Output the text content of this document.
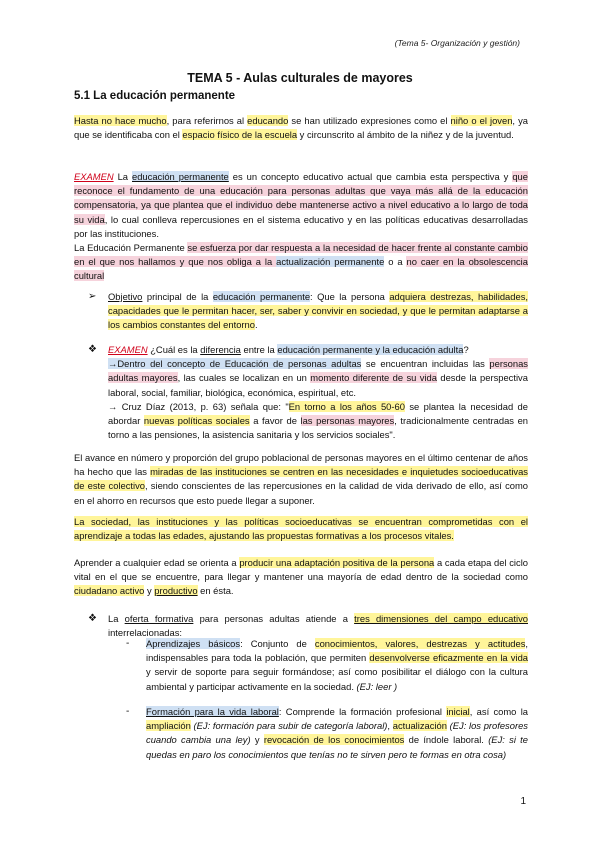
(Tema 5- Organización y gestión)
TEMA 5 - Aulas culturales de mayores
5.1 La educación permanente
Hasta no hace mucho, para referirnos al educando se han utilizado expresiones como el niño o el joven, ya que se identificaba con el espacio físico de la escuela y circunscrito al ámbito de la niñez y de la juventud.
EXAMEN La educación permanente es un concepto educativo actual que cambia esta perspectiva y que reconoce el fundamento de una educación para personas adultas que vaya más allá de la educación compensatoria, ya que plantea que el individuo debe mantenerse activo a nivel educativo a lo largo de toda su vida, lo cual conlleva repercusiones en el sistema educativo y en las políticas educativas desarrolladas por las instituciones.
La Educación Permanente se esfuerza por dar respuesta a la necesidad de hacer frente al constante cambio en el que nos hallamos y que nos obliga a la actualización permanente o a no caer en la obsolescencia cultural
➢ Objetivo principal de la educación permanente: Que la persona adquiera destrezas, habilidades, capacidades que le permitan hacer, ser, saber y convivir en sociedad, y que le permitan adaptarse a los cambios constantes del entorno.
❖ EXAMEN ¿Cuál es la diferencia entre la educación permanente y la educación adulta?
→Dentro del concepto de Educación de personas adultas se encuentran incluidas las personas adultas mayores, las cuales se localizan en un momento diferente de su vida desde la perspectiva laboral, social, familiar, biológica, económica, espiritual, etc.
→ Cruz Díaz (2013, p. 63) señala que: "En torno a los años 50-60 se plantea la necesidad de abordar nuevas políticas sociales a favor de las personas mayores, tradicionalmente centradas en torno a las pensiones, la asistencia sanitaria y los servicios sociales".
El avance en número y proporción del grupo poblacional de personas mayores en el último centenar de años ha hecho que las miradas de las instituciones se centren en las necesidades e inquietudes socioeducativas de este colectivo, siendo conscientes de las repercusiones en la calidad de vida derivado de ello, así como en el ahorro en recursos que esto puede llegar a suponer.
La sociedad, las instituciones y las políticas socioeducativas se encuentran comprometidas con el aprendizaje a todas las edades, ajustando las propuestas formativas a los procesos vitales.
Aprender a cualquier edad se orienta a producir una adaptación positiva de la persona a cada etapa del ciclo vital en el que se encuentre, para llegar y mantener una mayoría de edad dentro de la sociedad como ciudadano activo y productivo en ésta.
❖ La oferta formativa para personas adultas atiende a tres dimensiones del campo educativo interrelacionadas:
- Aprendizajes básicos: Conjunto de conocimientos, valores, destrezas y actitudes, indispensables para toda la población, que permiten desenvolverse eficazmente en la vida y servir de soporte para seguir formándose; así como posibilitar el diálogo con la cultura ambiental y participar activamente en la sociedad. (EJ: leer )
- Formación para la vida laboral: Comprende la formación profesional inicial, así como la ampliación (EJ: formación para subir de categoría laboral), actualización (EJ: los profesores cuando cambia una ley) y revocación de los conocimientos de índole laboral. (EJ: si te quedas en paro los conocimientos que tenías no te sirven pero te formas en otra cosa)
1
